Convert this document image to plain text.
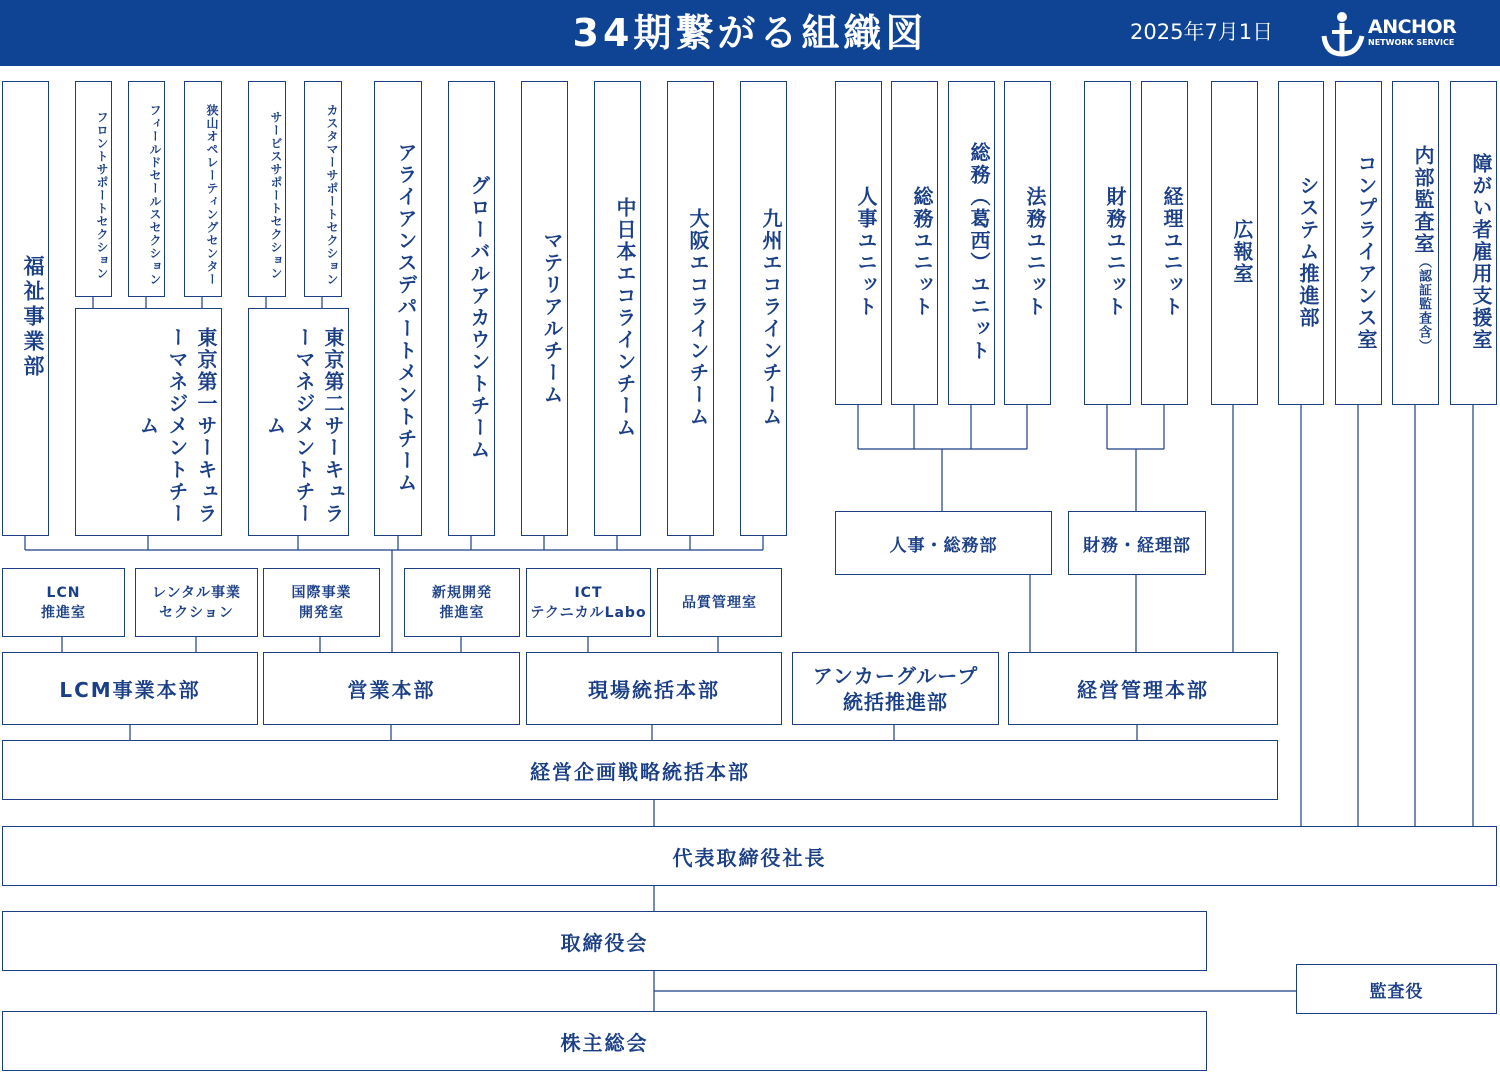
34期繋がる組織図	2025年7月1日	ANCHOR
NETWORK SERVICE
福祉事業部
フロントサポートセクション	フィールドセールスセクション	狭山オペレーティングセンター
東京第一サーキュラーマネジメントチーム
サービスサポートセクション	カスタマーサポートセクション
東京第二サーキュラーマネジメントチーム	アライアンスデパートメントチーム グローバルアカウントチーム マテリアルチーム 中日本エコラインチーム 大阪エコラインチーム 九州エコラインチーム	人事ユニット 総務ユニット
総務︵葛西︶ユニット 法務ユニット	財務ユニット 経理ユニット 広報室 システム推進部 コンプライアンス室 内部監査室︵認証監査含︶	障がい者雇用支援室
人事・総務部	財務・経理部
LCN
推進室
レンタル事業
セクション
国際事業
開発室
新規開発
推進室
ICT
テクニカルLabo
品質管理室
LCM事業本部	営業本部	現場統括本部
アンカーグループ
統括推進部	経営管理本部
経営企画戦略統括本部
代表取締役社長
取締役会
監査役
株主総会
